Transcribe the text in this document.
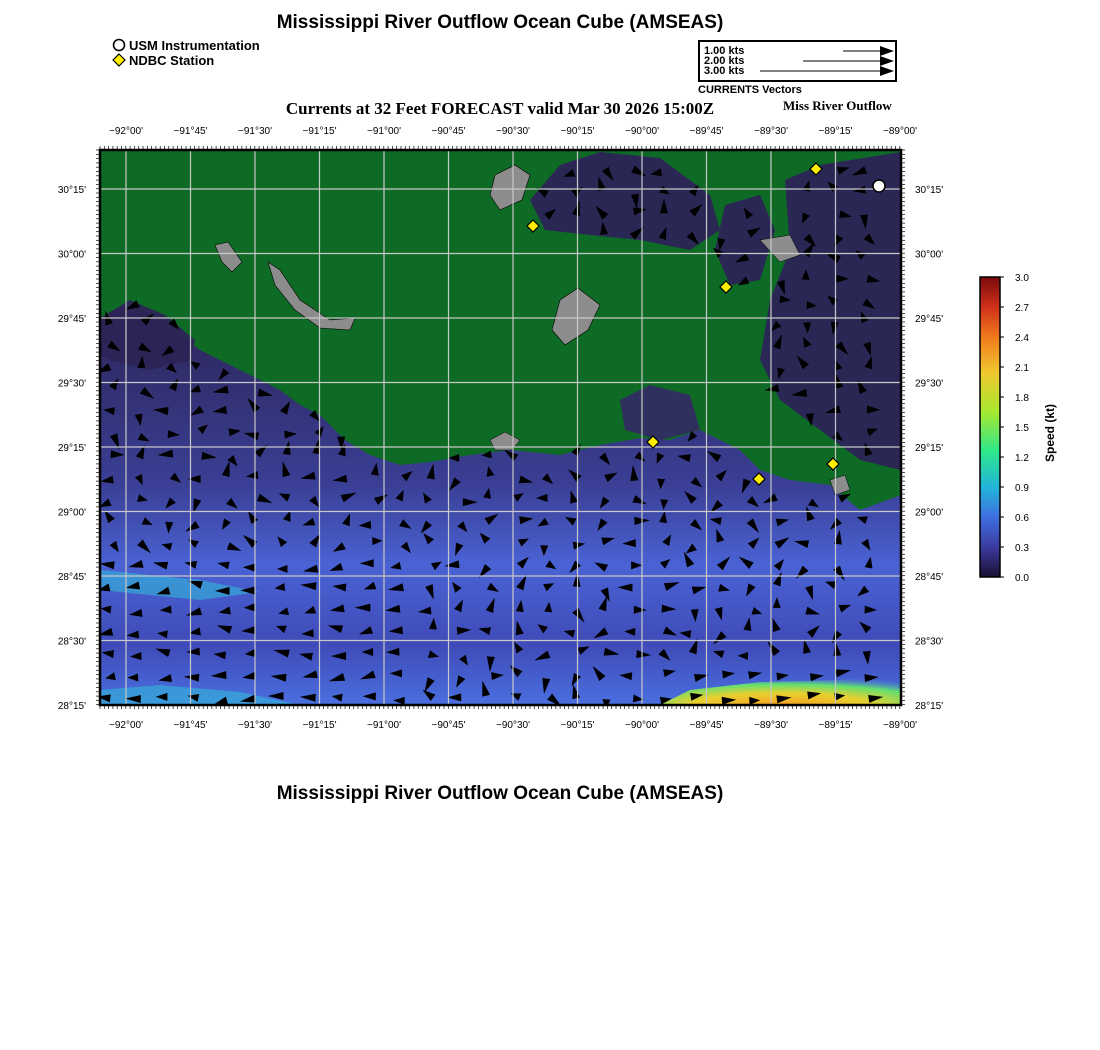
Mississippi River Outflow Ocean Cube (AMSEAS)
USM Instrumentation
NDBC Station
1.00 kts
2.00 kts
3.00 kts
CURRENTS Vectors
Currents at 32 Feet FORECAST valid Mar 30 2026 15:00Z	Miss River Outflow
−92°00'	−91°45'	−91°30'	−91°15'	−91°00'	−90°45'	−90°30'	−90°15'	−90°00'	−89°45'	−89°30'	−89°15'	−89°00'
−92°00'	−91°45'	−91°30'	−91°15'	−91°00'	−90°45'	−90°30'	−90°15'	−90°00'	−89°45'	−89°30'	−89°15'	−89°00'
30°15'
30°00'
29°45'
29°30'
29°15'
29°00'
28°45'
28°30'
28°15'
30°15'
30°00'
29°45'
29°30'
29°15'
29°00'
28°45'
28°30'
28°15'
3.0
2.7
2.4
2.1
1.8
1.5
1.2
0.9
0.6
0.3
0.0
Speed (kt)
Mississippi River Outflow Ocean Cube (AMSEAS)
